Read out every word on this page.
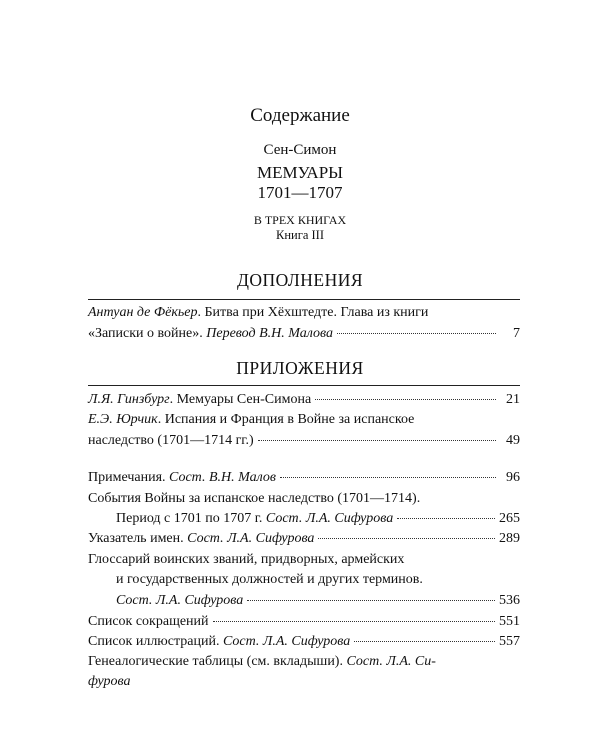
Содержание
Сен-Симон
МЕМУАРЫ
1701—1707
В ТРЕХ КНИГАХ
Книга III
ДОПОЛНЕНИЯ
Антуан де Фёкьер. Битва при Хёхштедте. Глава из книги
«Записки о войне». Перевод В.Н. Малова	7
ПРИЛОЖЕНИЯ
Л.Я. Гинзбург. Мемуары Сен-Симона	21
Е.Э. Юрчик. Испания и Франция в Войне за испанское
наследство (1701—1714 гг.)	49
Примечания. Сост. В.Н. Малов	96
События Войны за испанское наследство (1701—1714).
Период с 1701 по 1707 г. Сост. Л.А. Сифурова	265
Указатель имен. Сост. Л.А. Сифурова	289
Глоссарий воинских званий, придворных, армейских
и государственных должностей и других терминов.
Сост. Л.А. Сифурова	536
Список сокращений	551
Список иллюстраций. Сост. Л.А. Сифурова	557
Генеалогические таблицы (см. вкладыши). Сост. Л.А. Си-
фурова
